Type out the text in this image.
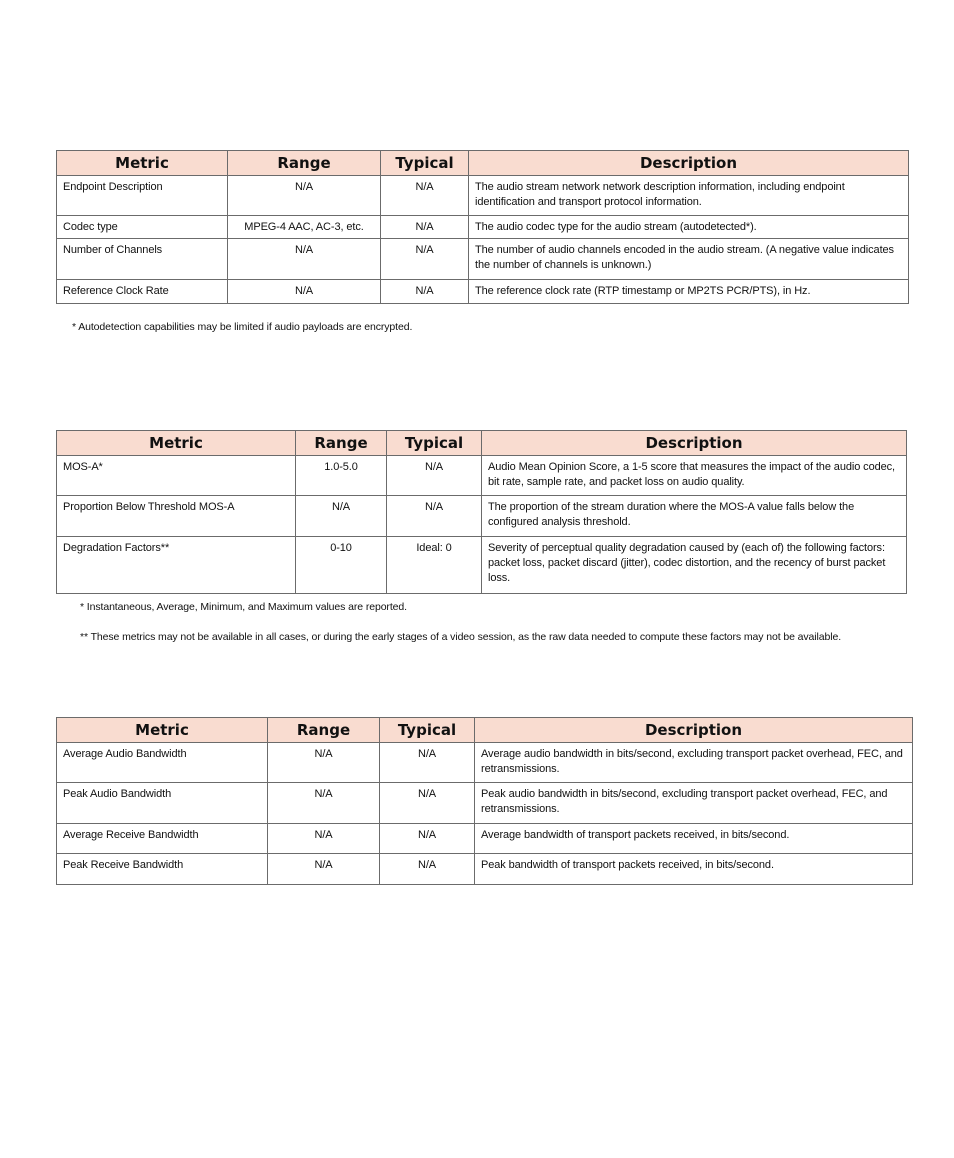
Metric	Range	Typical	Description
Endpoint Description	N/A	N/A	The audio stream network network description information, including endpoint identification and transport protocol information.
Codec type	MPEG-4 AAC, AC-3, etc.	N/A	The audio codec type for the audio stream (autodetected*).
Number of Channels	N/A	N/A	The number of audio channels encoded in the audio stream. (A negative value indicates the number of channels is unknown.)
Reference Clock Rate	N/A	N/A	The reference clock rate (RTP timestamp or MP2TS PCR/PTS), in Hz.

* Autodetection capabilities may be limited if audio payloads are encrypted.

Metric	Range	Typical	Description
MOS-A*	1.0-5.0	N/A	Audio Mean Opinion Score, a 1-5 score that measures the impact of the audio codec, bit rate, sample rate, and packet loss on audio quality.
Proportion Below Threshold MOS-A	N/A	N/A	The proportion of the stream duration where the MOS-A value falls below the configured analysis threshold.
Degradation Factors**	0-10	Ideal: 0	Severity of perceptual quality degradation caused by (each of) the following factors: packet loss, packet discard (jitter), codec distortion, and the recency of burst packet loss.

* Instantaneous, Average, Minimum, and Maximum values are reported.

** These metrics may not be available in all cases, or during the early stages of a video session, as the raw data needed to compute these factors may not be available.

Metric	Range	Typical	Description
Average Audio Bandwidth	N/A	N/A	Average audio bandwidth in bits/second, excluding transport packet overhead, FEC, and retransmissions.
Peak Audio Bandwidth	N/A	N/A	Peak audio bandwidth in bits/second, excluding transport packet overhead, FEC, and retransmissions.
Average Receive Bandwidth	N/A	N/A	Average bandwidth of transport packets received, in bits/second.
Peak Receive Bandwidth	N/A	N/A	Peak bandwidth of transport packets received, in bits/second.
